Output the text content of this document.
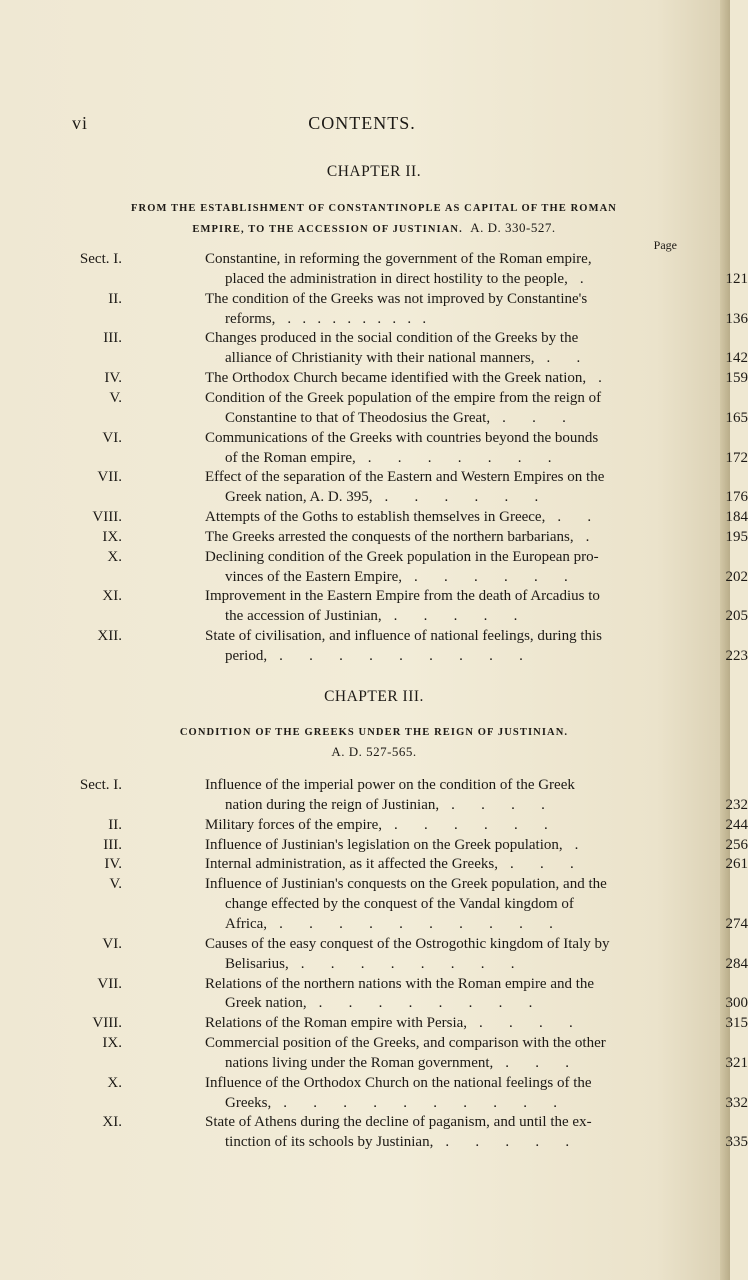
vi	CONTENTS.
CHAPTER II.
FROM THE ESTABLISHMENT OF CONSTANTINOPLE AS CAPITAL OF THE ROMAN
EMPIRE, TO THE ACCESSION OF JUSTINIAN. A. D. 330-527.
Page
Sect. I.	Constantine, in reforming the government of the Roman empire,
placed the administration in direct hostility to the people, .	121
II.	The condition of the Greeks was not improved by Constantine's
reforms, .   .   .   .   .   .   .   .   .   .	136
III.	Changes produced in the social condition of the Greeks by the
alliance of Christianity with their national manners, .       .	142
IV.	The Orthodox Church became identified with the Greek nation, .	159
V.	Condition of the Greek population of the empire from the reign of
Constantine to that of Theodosius the Great, .       .       .	165
VI.	Communications of the Greeks with countries beyond the bounds
of the Roman empire, .       .       .       .       .       .       .	172
VII.	Effect of the separation of the Eastern and Western Empires on the
Greek nation, A. D. 395, .       .       .       .       .       .	176
VIII.	Attempts of the Goths to establish themselves in Greece, .       .	184
IX.	The Greeks arrested the conquests of the northern barbarians, .	195
X.	Declining condition of the Greek population in the European pro-
vinces of the Eastern Empire, .       .       .       .       .       .	202
XI.	Improvement in the Eastern Empire from the death of Arcadius to
the accession of Justinian, .       .       .       .       .	205
XII.	State of civilisation, and influence of national feelings, during this
period, .       .       .       .       .       .       .       .       .	223
CHAPTER III.
CONDITION OF THE GREEKS UNDER THE REIGN OF JUSTINIAN.
A. D. 527-565.
Sect. I.	Influence of the imperial power on the condition of the Greek
nation during the reign of Justinian, .       .       .       .	232
II.	Military forces of the empire, .       .       .       .       .       .	244
III.	Influence of Justinian's legislation on the Greek population, .	256
IV.	Internal administration, as it affected the Greeks, .       .       .	261
V.	Influence of Justinian's conquests on the Greek population, and the
change effected by the conquest of the Vandal kingdom of
Africa, .       .       .       .       .       .       .       .       .       .	274
VI.	Causes of the easy conquest of the Ostrogothic kingdom of Italy by
Belisarius, .       .       .       .       .       .       .       .	284
VII.	Relations of the northern nations with the Roman empire and the
Greek nation, .       .       .       .       .       .       .       .	300
VIII.	Relations of the Roman empire with Persia, .       .       .       .	315
IX.	Commercial position of the Greeks, and comparison with the other
nations living under the Roman government, .       .       .	321
X.	Influence of the Orthodox Church on the national feelings of the
Greeks, .       .       .       .       .       .       .       .       .       .	332
XI.	State of Athens during the decline of paganism, and until the ex-
tinction of its schools by Justinian, .       .       .       .       .	335
